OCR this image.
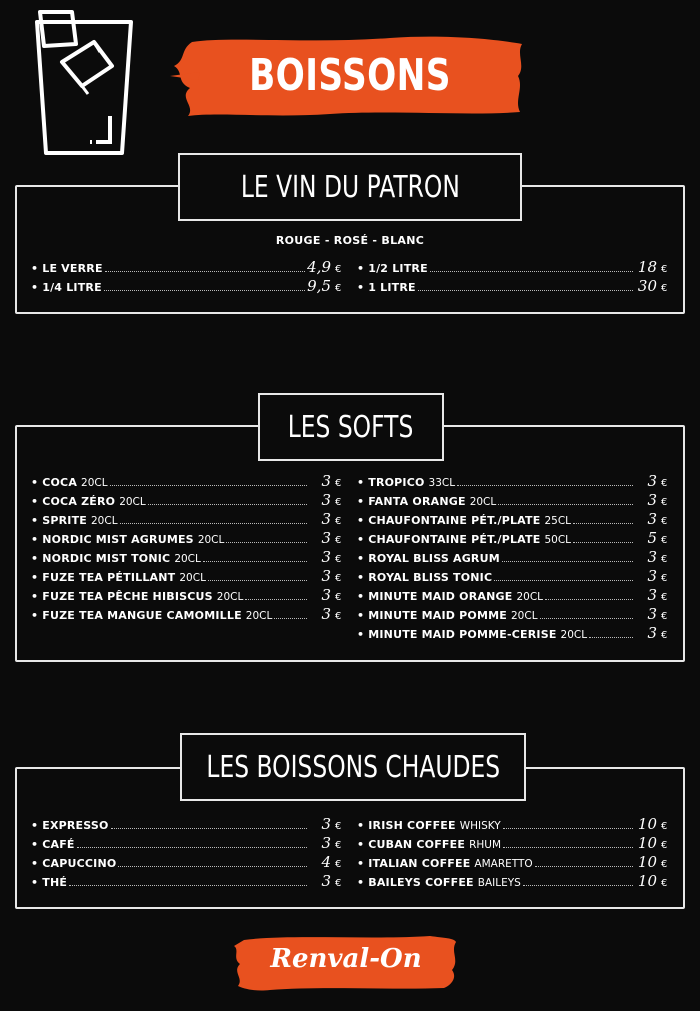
BOISSONS
ROUGE - ROSÉ - BLANC
• LE VERRE	4,9 €
• 1/4 LITRE	9,5 €
• 1/2 LITRE	18 €
• 1 LITRE	30 €
LE VIN DU PATRON
• COCA 20CL	3 €
• COCA ZÉRO 20CL	3 €
• SPRITE 20CL	3 €
• NORDIC MIST AGRUMES 20CL	3 €
• NORDIC MIST TONIC 20CL	3 €
• FUZE TEA PÉTILLANT 20CL	3 €
• FUZE TEA PÊCHE HIBISCUS 20CL	3 €
• FUZE TEA MANGUE CAMOMILLE 20CL	3 €
• TROPICO 33CL	3 €
• FANTA ORANGE 20CL	3 €
• CHAUFONTAINE PÉT./PLATE 25CL	3 €
• CHAUFONTAINE PÉT./PLATE 50CL	5 €
• ROYAL BLISS AGRUM	3 €
• ROYAL BLISS TONIC	3 €
• MINUTE MAID ORANGE 20CL	3 €
• MINUTE MAID POMME 20CL	3 €
• MINUTE MAID POMME-CERISE 20CL	3 €
LES SOFTS
• EXPRESSO	3 €
• CAFÉ	3 €
• CAPUCCINO	4 €
• THÉ	3 €
• IRISH COFFEE WHISKY	10 €
• CUBAN COFFEE RHUM	10 €
• ITALIAN COFFEE AMARETTO	10 €
• BAILEYS COFFEE BAILEYS	10 €
LES BOISSONS CHAUDES
Renval-On
